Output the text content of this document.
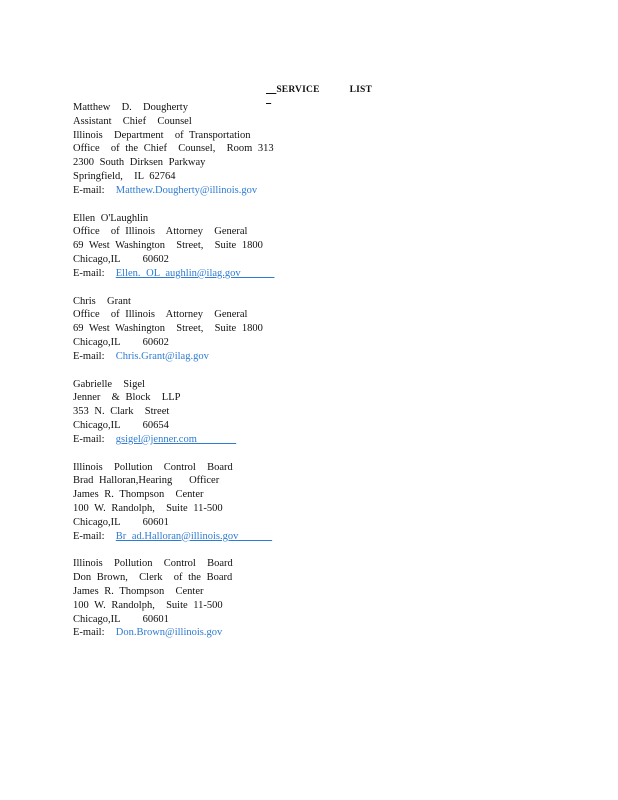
SERVICE	LIST

Matthew  D.  Dougherty
Assistant  Chief  Counsel
Illinois  Department  of Transportation
Office  of the Chief  Counsel,  Room 313
2300 South Dirksen Parkway
Springfield,  IL 62764
E-mail: Matthew.Dougherty@illinois.gov
Ellen O'Laughlin
Office  of Illinois  Attorney  General
69 West Washington  Street,  Suite 1800
Chicago,IL    60602
E-mail: Ellen. OL aughlin@ilag.gov
Chris  Grant
Office  of Illinois  Attorney  General
69 West Washington  Street,  Suite 1800
Chicago,IL    60602
E-mail: Chris.Grant@ilag.gov
Gabrielle  Sigel
Jenner  & Block  LLP
353 N. Clark  Street
Chicago,IL    60654
E-mail: gsigel@jenner.com
Illinois  Pollution  Control  Board
Brad Halloran,Hearing   Officer
James R. Thompson  Center
100 W. Randolph,  Suite 11-500
Chicago,IL    60601
E-mail: Br ad.Halloran@illinois.gov
Illinois  Pollution  Control  Board
Don Brown,  Clerk  of the Board
James R. Thompson  Center
100 W. Randolph,  Suite 11-500
Chicago,IL    60601
E-mail: Don.Brown@illinois.gov
